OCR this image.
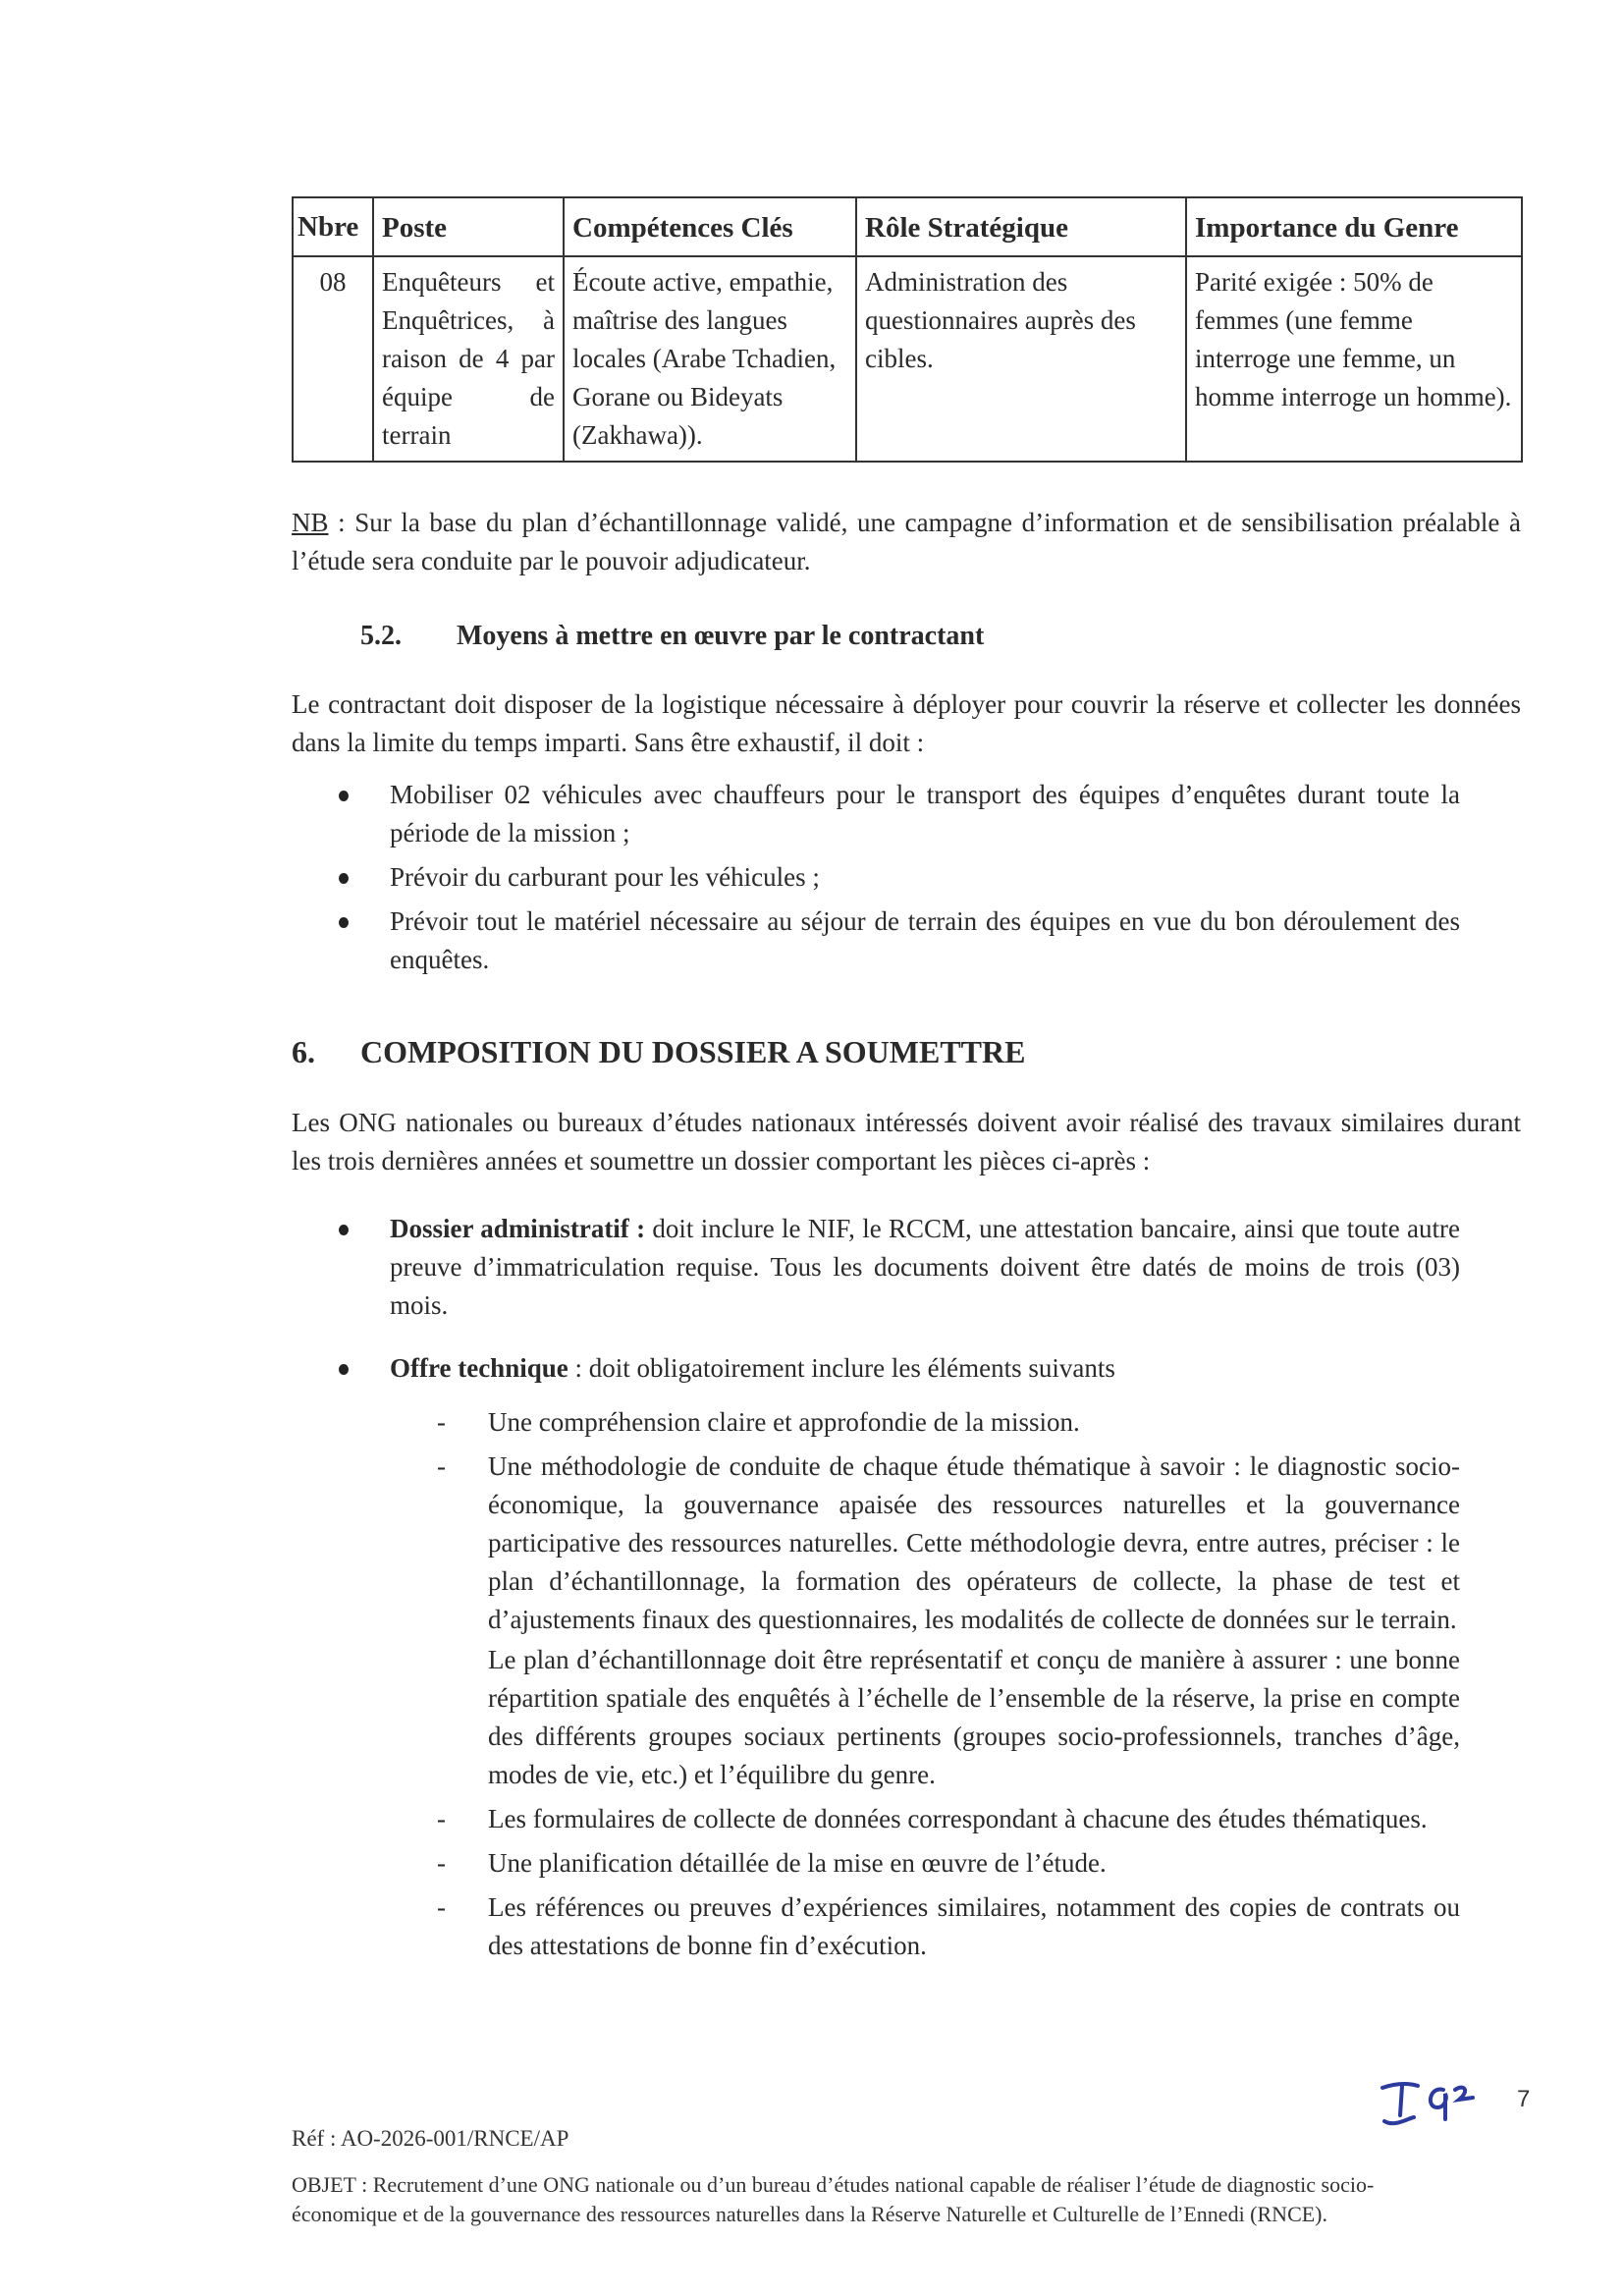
Nbre	Poste	Compétences Clés	Rôle Stratégique	Importance du Genre
08	Enquêteurs et Enquêtrices, à raison de 4 par équipe de terrain	Écoute active, empathie, maîtrise des langues locales (Arabe Tchadien, Gorane ou Bideyats (Zakhawa)).	Administration des questionnaires auprès des cibles.	Parité exigée : 50% de femmes (une femme interroge une femme, un homme interroge un homme).

NB : Sur la base du plan d’échantillonnage validé, une campagne d’information et de sensibilisation préalable à l’étude sera conduite par le pouvoir adjudicateur.

5.2. Moyens à mettre en œuvre par le contractant

Le contractant doit disposer de la logistique nécessaire à déployer pour couvrir la réserve et collecter les données dans la limite du temps imparti. Sans être exhaustif, il doit :

Mobiliser 02 véhicules avec chauffeurs pour le transport des équipes d’enquêtes durant toute la période de la mission ;
Prévoir du carburant pour les véhicules ;
Prévoir tout le matériel nécessaire au séjour de terrain des équipes en vue du bon déroulement des enquêtes.
6. COMPOSITION DU DOSSIER A SOUMETTRE

Les ONG nationales ou bureaux d’études nationaux intéressés doivent avoir réalisé des travaux similaires durant les trois dernières années et soumettre un dossier comportant les pièces ci-après :

Dossier administratif : doit inclure le NIF, le RCCM, une attestation bancaire, ainsi que toute autre preuve d’immatriculation requise. Tous les documents doivent être datés de moins de trois (03) mois.
Offre technique : doit obligatoirement inclure les éléments suivants
- Une compréhension claire et approfondie de la mission.
- Une méthodologie de conduite de chaque étude thématique à savoir : le diagnostic socio-économique, la gouvernance apaisée des ressources naturelles et la gouvernance participative des ressources naturelles. Cette méthodologie devra, entre autres, préciser : le plan d’échantillonnage, la formation des opérateurs de collecte, la phase de test et d’ajustements finaux des questionnaires, les modalités de collecte de données sur le terrain.
Le plan d’échantillonnage doit être représentatif et conçu de manière à assurer : une bonne répartition spatiale des enquêtés à l’échelle de l’ensemble de la réserve, la prise en compte des différents groupes sociaux pertinents (groupes socio-professionnels, tranches d’âge, modes de vie, etc.) et l’équilibre du genre.
- Les formulaires de collecte de données correspondant à chacune des études thématiques.
- Une planification détaillée de la mise en œuvre de l’étude.
- Les références ou preuves d’expériences similaires, notamment des copies de contrats ou des attestations de bonne fin d’exécution.
7
Réf : AO-2026-001/RNCE/AP
OBJET : Recrutement d’une ONG nationale ou d’un bureau d’études national capable de réaliser l’étude de diagnostic socio-économique et de la gouvernance des ressources naturelles dans la Réserve Naturelle et Culturelle de l’Ennedi (RNCE).
